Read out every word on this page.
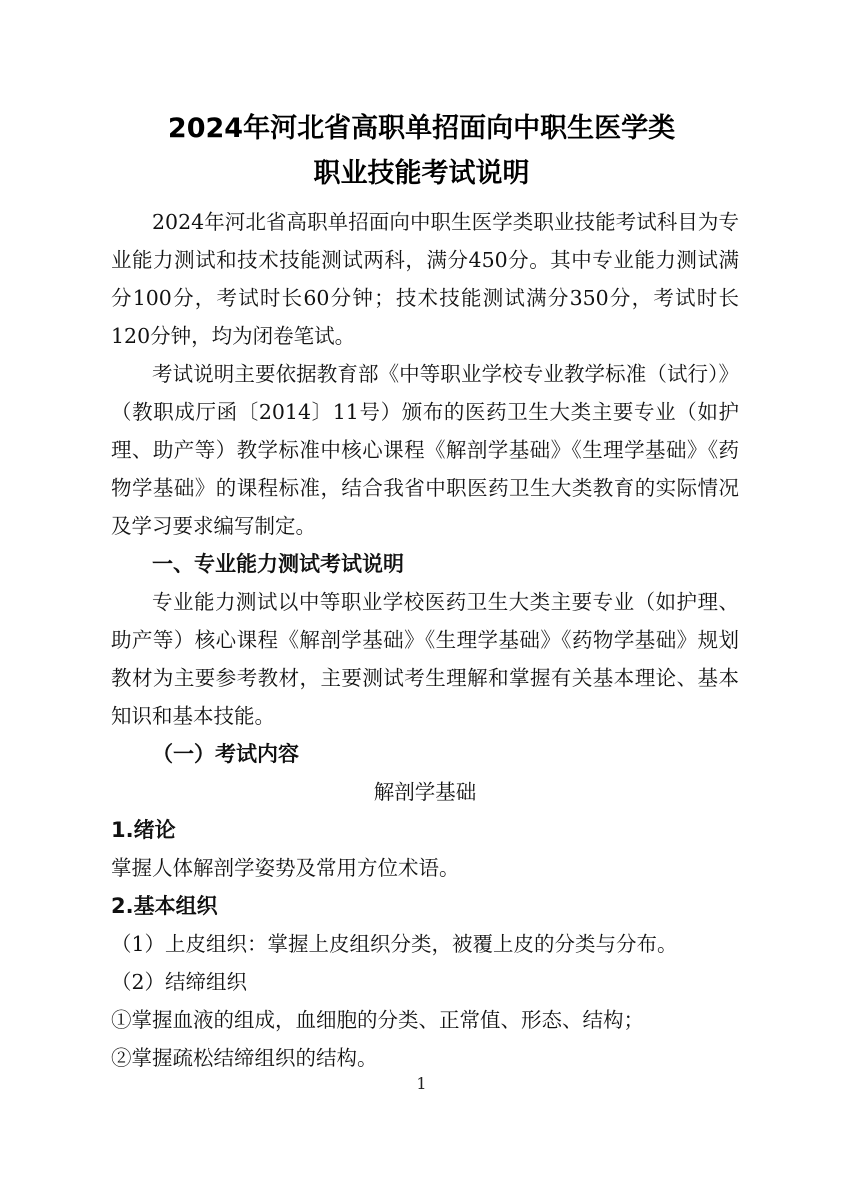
2024年河北省高职单招面向中职生医学类
职业技能考试说明

2024年河北省高职单招面向中职生医学类职业技能考试科目为专业能力测试和技术技能测试两科，满分450分。其中专业能力测试满分100分，考试时长60分钟；技术技能测试满分350分，考试时长120分钟，均为闭卷笔试。

考试说明主要依据教育部《中等职业学校专业教学标准（试行）》（教职成厅函〔2014〕11号）颁布的医药卫生大类主要专业（如护理、助产等）教学标准中核心课程《解剖学基础》《生理学基础》《药物学基础》的课程标准，结合我省中职医药卫生大类教育的实际情况及学习要求编写制定。

一、专业能力测试考试说明

专业能力测试以中等职业学校医药卫生大类主要专业（如护理、助产等）核心课程《解剖学基础》《生理学基础》《药物学基础》规划教材为主要参考教材，主要测试考生理解和掌握有关基本理论、基本知识和基本技能。

（一）考试内容

解剖学基础

1.绪论

掌握人体解剖学姿势及常用方位术语。

2.基本组织

（1）上皮组织：掌握上皮组织分类，被覆上皮的分类与分布。

（2）结缔组织

①掌握血液的组成，血细胞的分类、正常值、形态、结构；

②掌握疏松结缔组织的结构。

1
